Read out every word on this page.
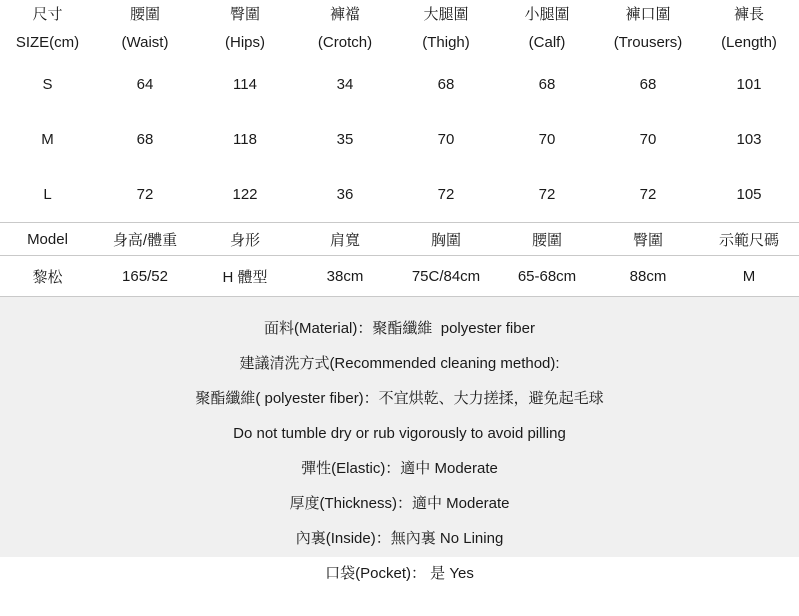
尺寸	腰圍	臀圍	褲襠	大腿圍	小腿圍	褲口圍	褲長
SIZE(cm)	(Waist)	(Hips)	(Crotch)	(Thigh)	(Calf)	(Trousers)	(Length)
S	64	114	34	68	68	68	101
M	68	118	35	70	70	70	103
L	72	122	36	72	72	72	105
Model	身高/體重	身形	肩寬	胸圍	腰圍	臀圍	示範尺碼
黎松	165/52	H 體型	38cm	75C/84cm	65-68cm	88cm	M
面料(Material)：聚酯纖維  polyester fiber
建議清洗方式(Recommended cleaning method):
聚酯纖維( polyester fiber)：不宜烘乾、大力搓揉，避免起毛球
Do not tumble dry or rub vigorously to avoid pilling
彈性(Elastic)：適中 Moderate
厚度(Thickness)：適中 Moderate
內裏(Inside)：無內裏 No Lining
口袋(Pocket)： 是 Yes
